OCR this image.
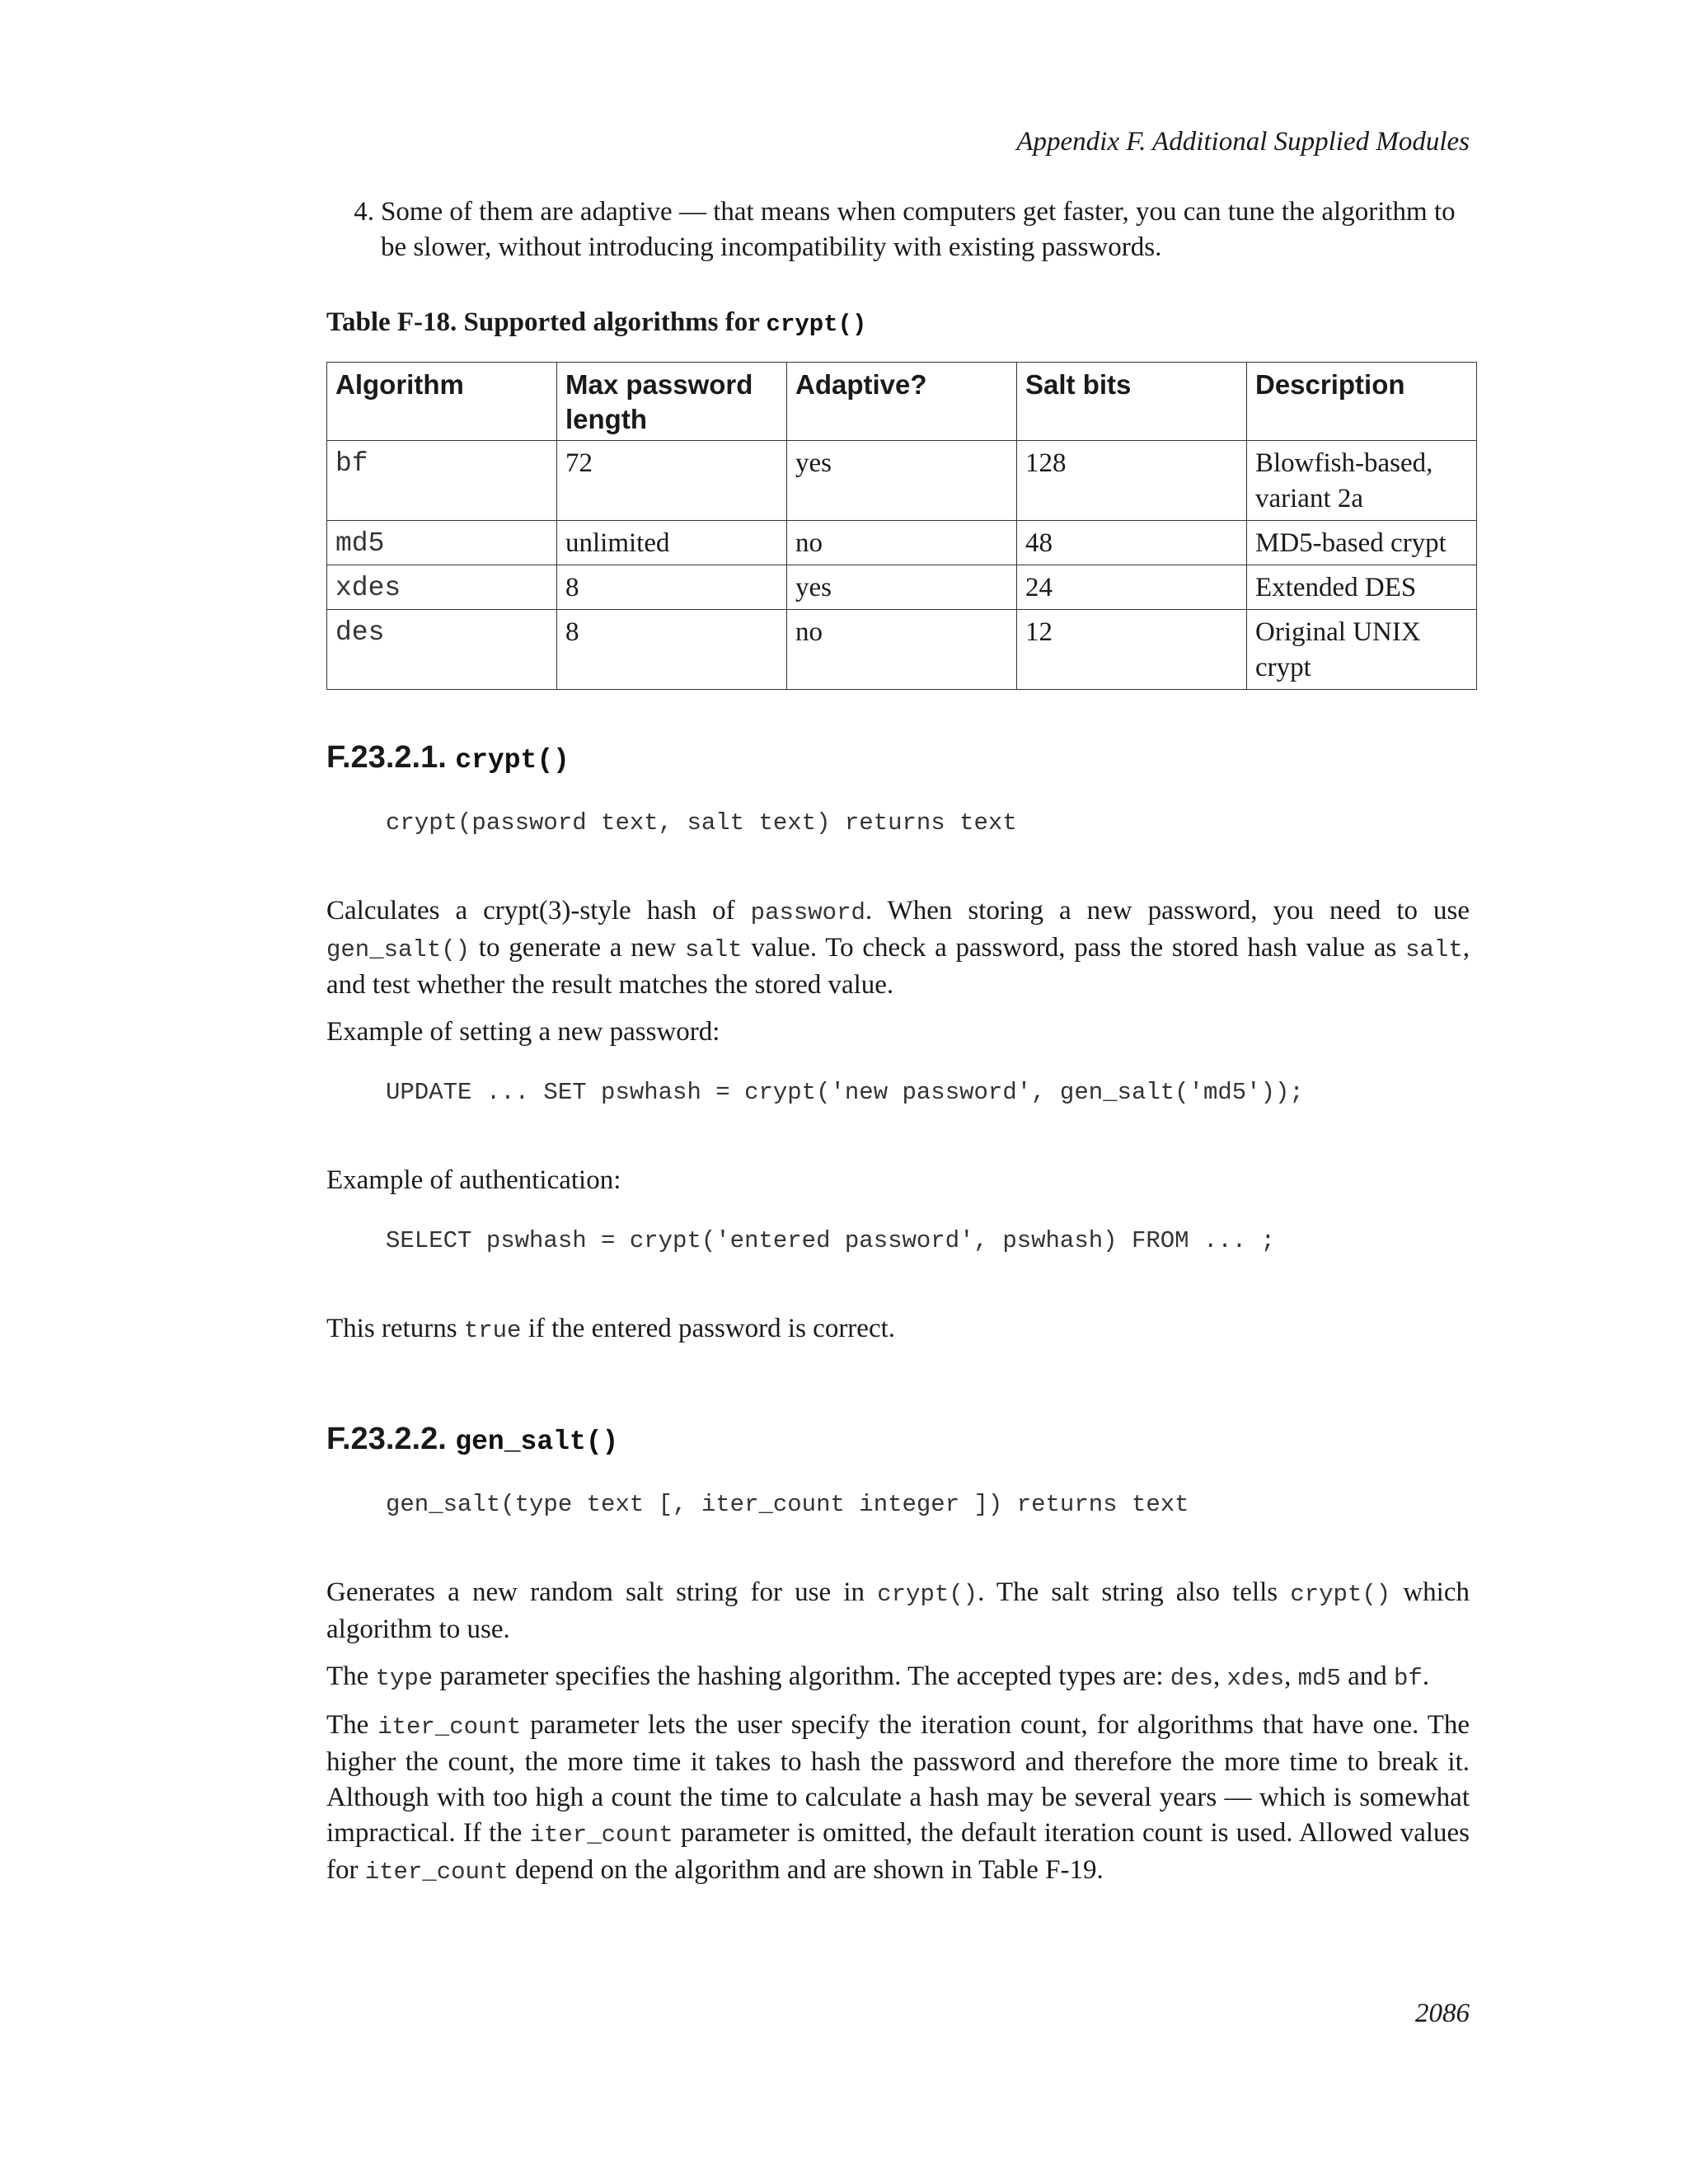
Appendix F. Additional Supplied Modules
4. Some of them are adaptive — that means when computers get faster, you can tune the algorithm to be slower, without introducing incompatibility with existing passwords.
Table F-18. Supported algorithms for crypt()
Algorithm	Max password length	Adaptive?	Salt bits	Description
bf	72	yes	128	Blowfish-based, variant 2a
md5	unlimited	no	48	MD5-based crypt
xdes	8	yes	24	Extended DES
des	8	no	12	Original UNIX crypt
F.23.2.1. crypt()
crypt(password text, salt text) returns text

Calculates a crypt(3)-style hash of password. When storing a new password, you need to use gen_salt() to generate a new salt value. To check a password, pass the stored hash value as salt, and test whether the result matches the stored value.

Example of setting a new password:

UPDATE ... SET pswhash = crypt('new password', gen_salt('md5'));

Example of authentication:

SELECT pswhash = crypt('entered password', pswhash) FROM ... ;

This returns true if the entered password is correct.

F.23.2.2. gen_salt()
gen_salt(type text [, iter_count integer ]) returns text

Generates a new random salt string for use in crypt(). The salt string also tells crypt() which algorithm to use.

The type parameter specifies the hashing algorithm. The accepted types are: des, xdes, md5 and bf.

The iter_count parameter lets the user specify the iteration count, for algorithms that have one. The higher the count, the more time it takes to hash the password and therefore the more time to break it. Although with too high a count the time to calculate a hash may be several years — which is somewhat impractical. If the iter_count parameter is omitted, the default iteration count is used. Allowed values for iter_count depend on the algorithm and are shown in Table F-19.

2086
